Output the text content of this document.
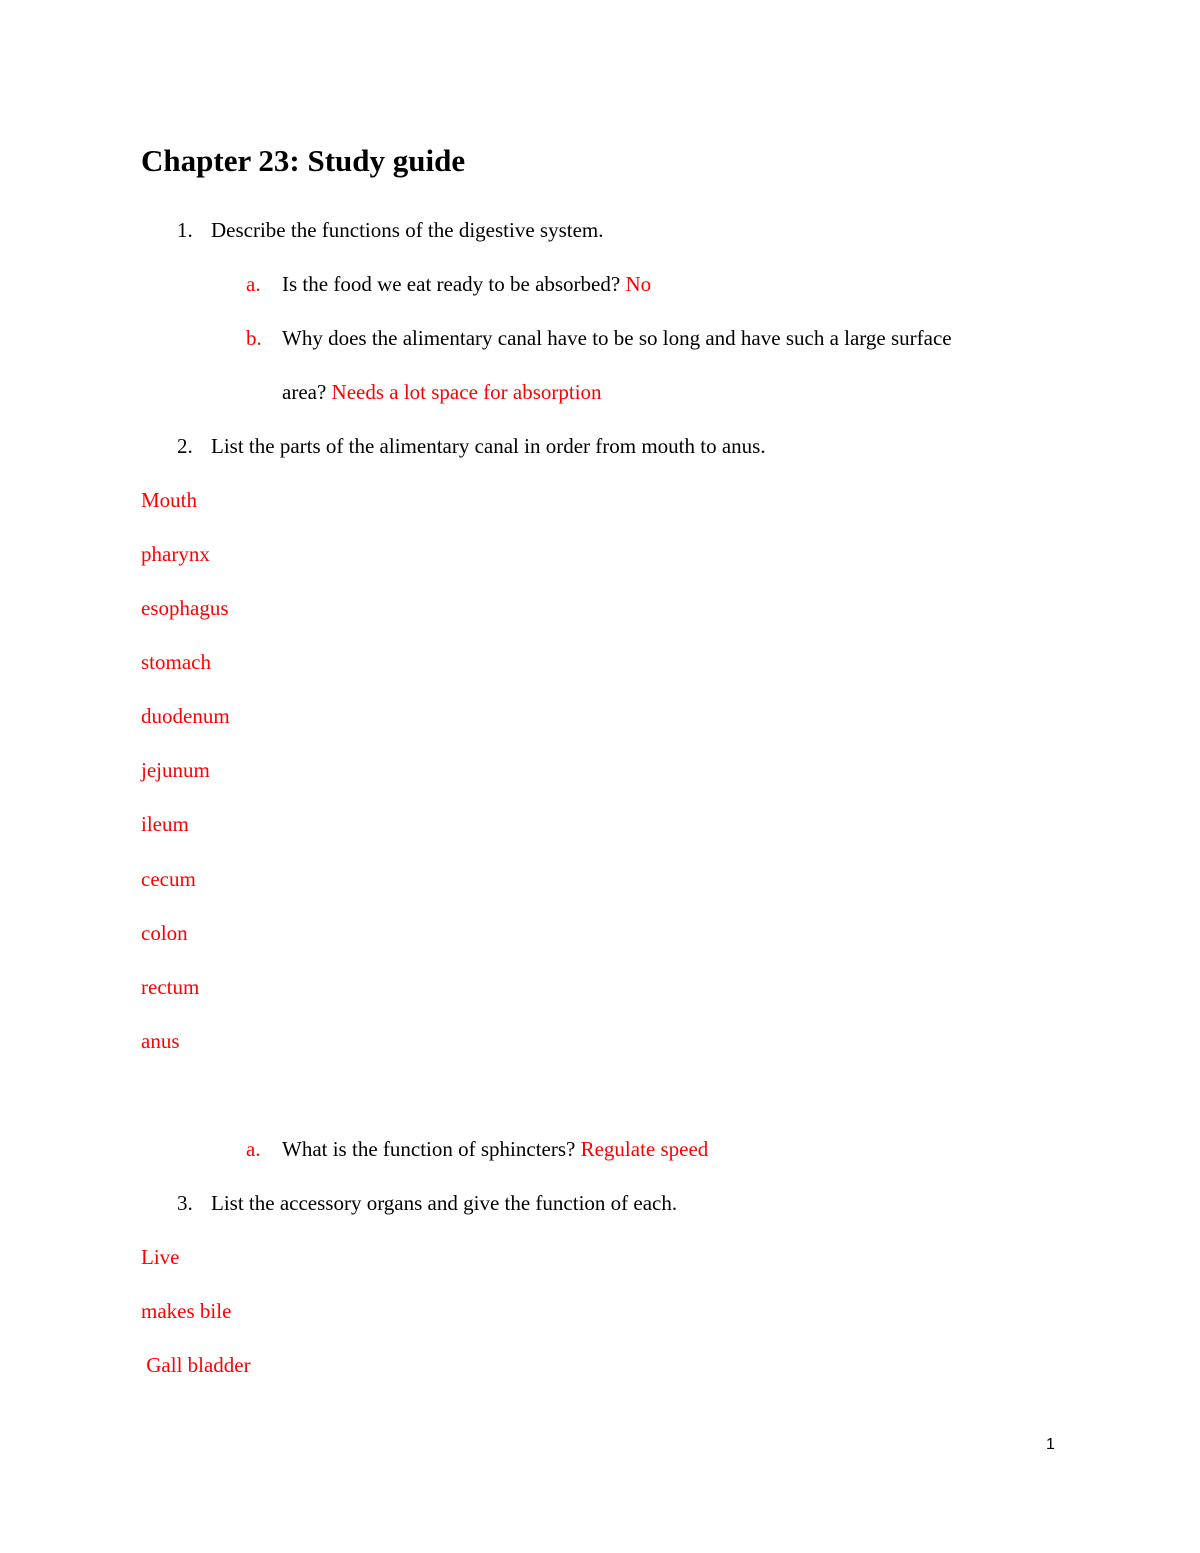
Chapter 23: Study guide
1. Describe the functions of the digestive system.
a. Is the food we eat ready to be absorbed? No
b. Why does the alimentary canal have to be so long and have such a large surface
area? Needs a lot space for absorption
2. List the parts of the alimentary canal in order from mouth to anus.
Mouth
pharynx
esophagus
stomach
duodenum
jejunum
ileum
cecum
colon
rectum
anus
a. What is the function of sphincters? Regulate speed
3. List the accessory organs and give the function of each.
Live
makes bile
Gall bladder
1
